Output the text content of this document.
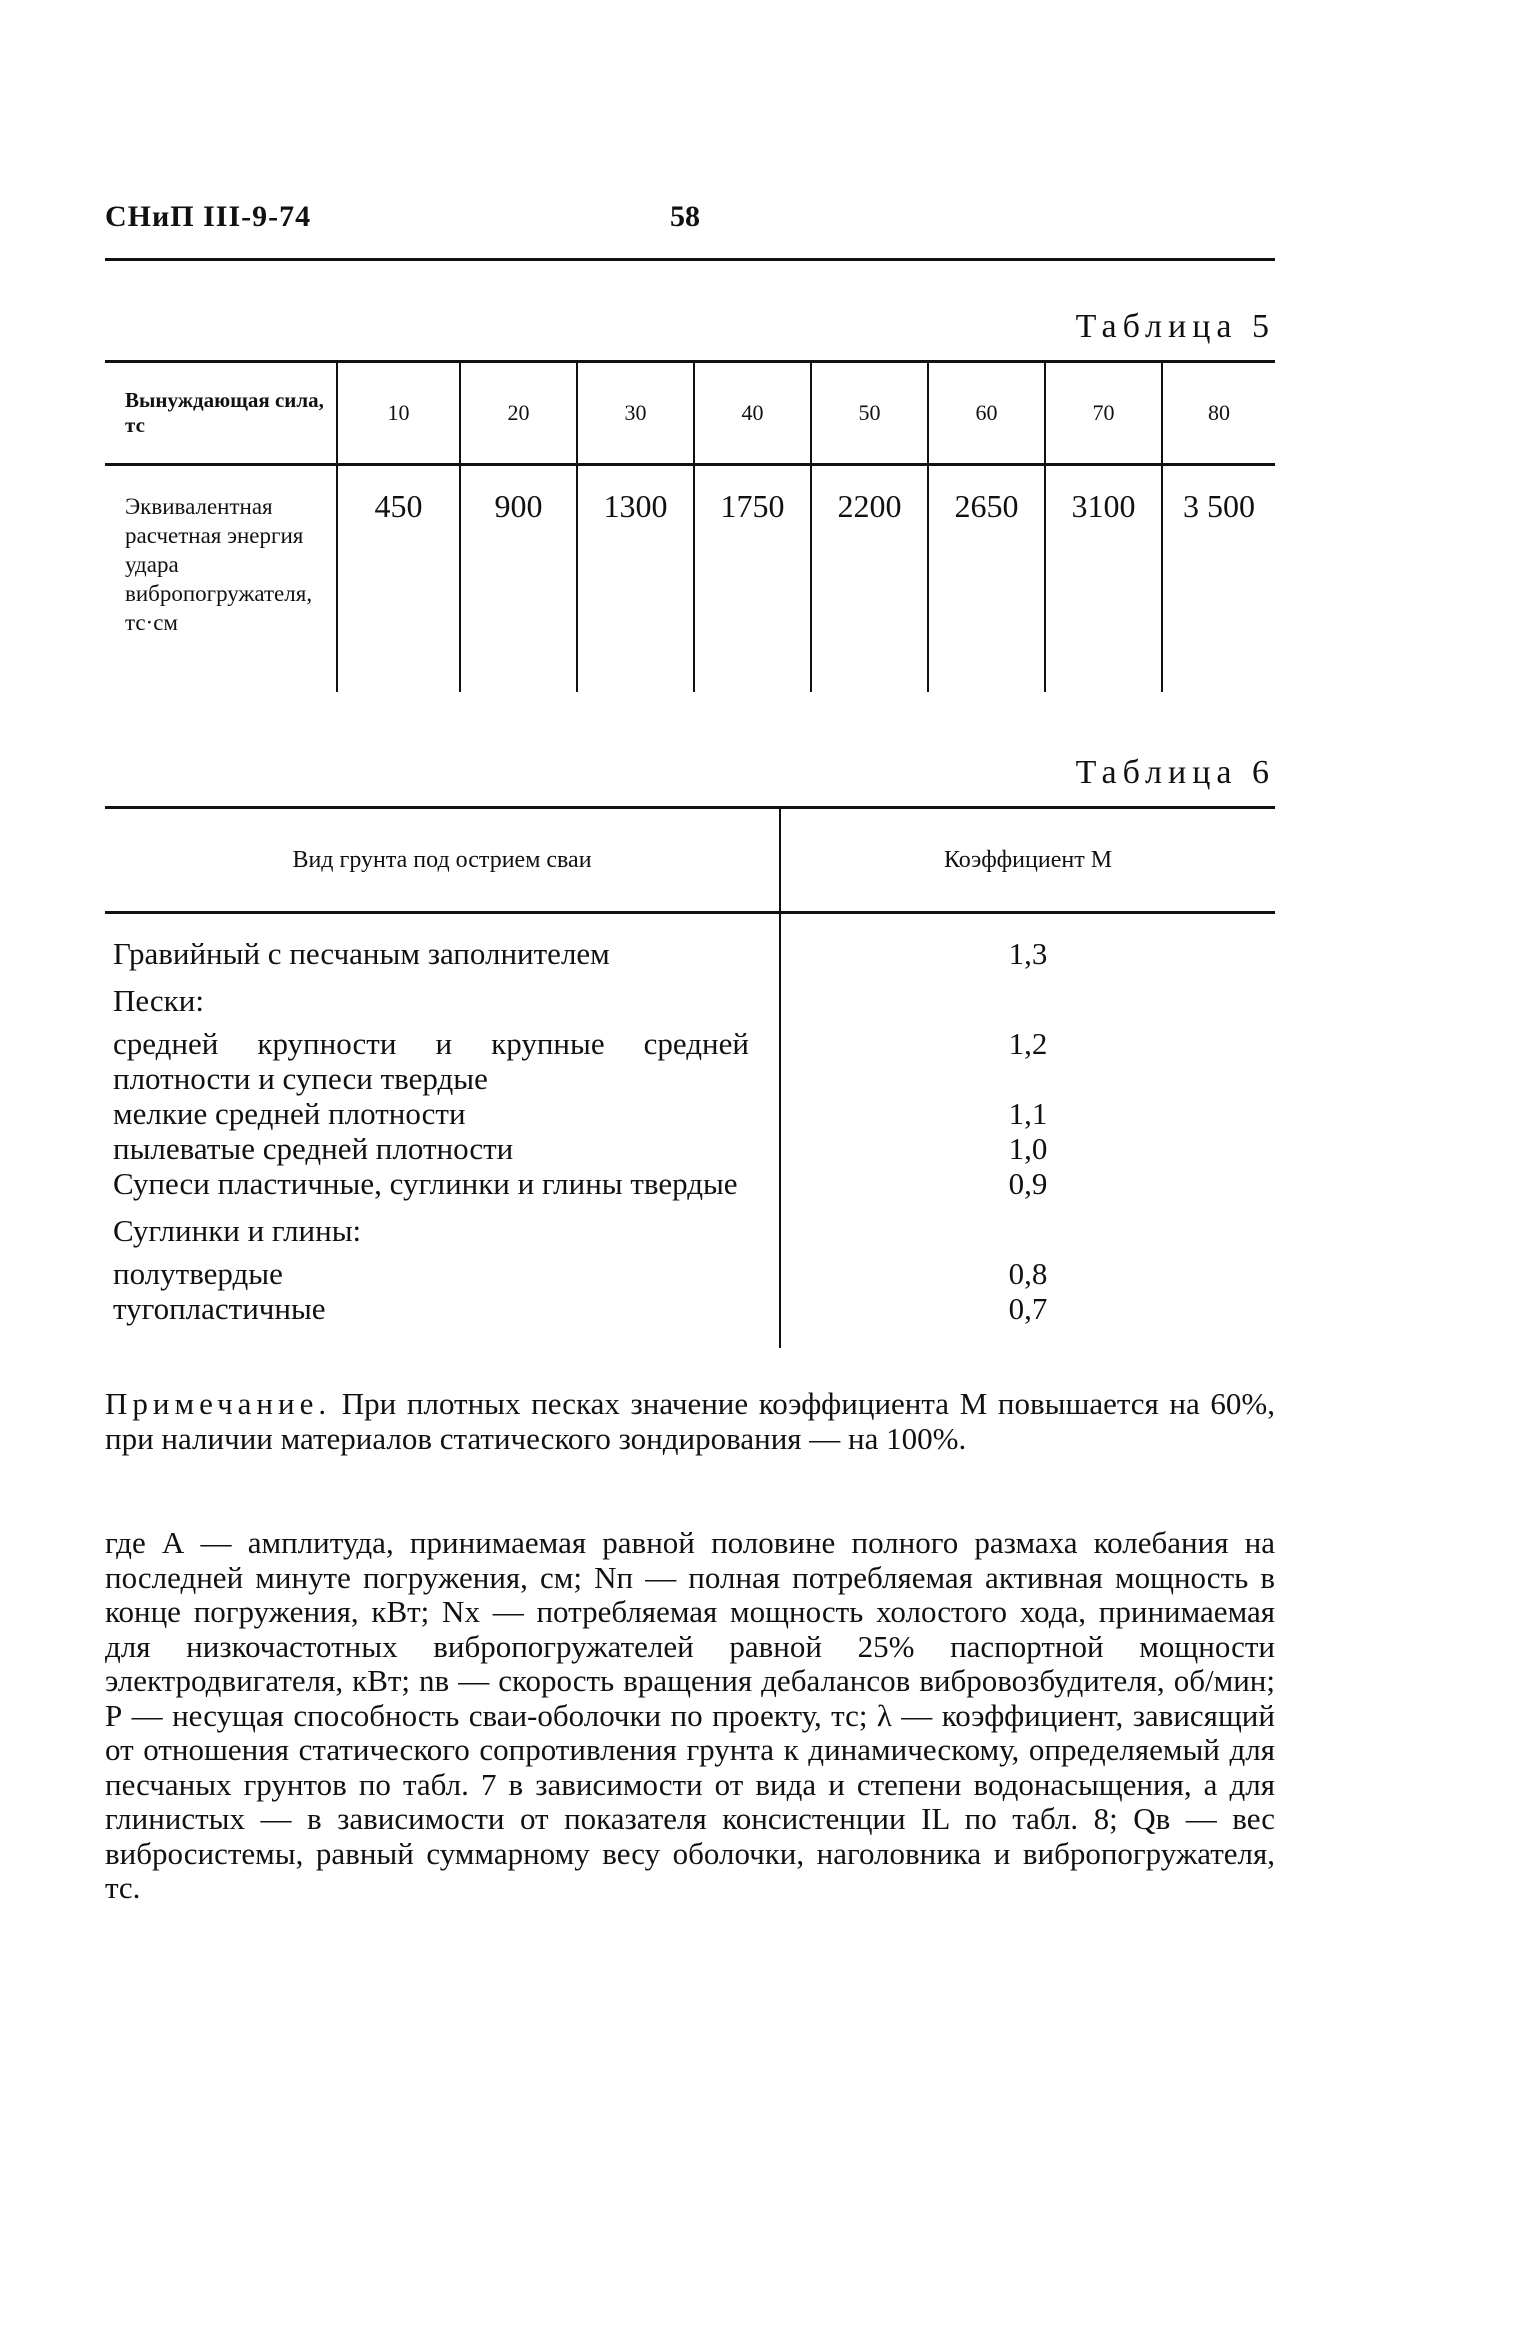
СНиП III-9-74	58
Таблица 5
Вынуждающая сила, тс	10	20	30	40	50	60	70	80
Эквивалентная расчетная энергия удара вибропогружателя, тс·см	450	900	1300	1750	2200	2650	3100	3 500
Таблица 6
Вид грунта под острием сваи	Коэффициент М
Гравийный с песчаным заполнителем	1,3
Пески:	
средней крупности и крупные средней плотности и супеси твердые	1,2
мелкие средней плотности	1,1
пылеватые средней плотности	1,0
Супеси пластичные, суглинки и глины твердые	0,9
Суглинки и глины:	
полутвердые	0,8
тугопластичные	0,7

Примечание. При плотных песках значение коэффициента М повышается на 60%, при наличии материалов статического зондирования — на 100%.

где А — амплитуда, принимаемая равной половине полного размаха колебания на последней минуте погружения, см; Nп — полная потребляемая активная мощность в конце погружения, кВт; Nх — потребляемая мощность холостого хода, принимаемая для низкочастотных вибропогружателей равной 25% паспортной мощности электродвигателя, кВт; nв — скорость вращения дебалансов вибровозбудителя, об/мин; Р — несущая способность сваи-оболочки по проекту, тс; λ — коэффициент, зависящий от отношения статического сопротивления грунта к динамическому, определяемый для песчаных грунтов по табл. 7 в зависимости от вида и степени водонасыщения, а для глинистых — в зависимости от показателя консистенции IL по табл. 8; Qв — вес вибросистемы, равный суммарному весу оболочки, наголовника и вибропогружателя, тс.
